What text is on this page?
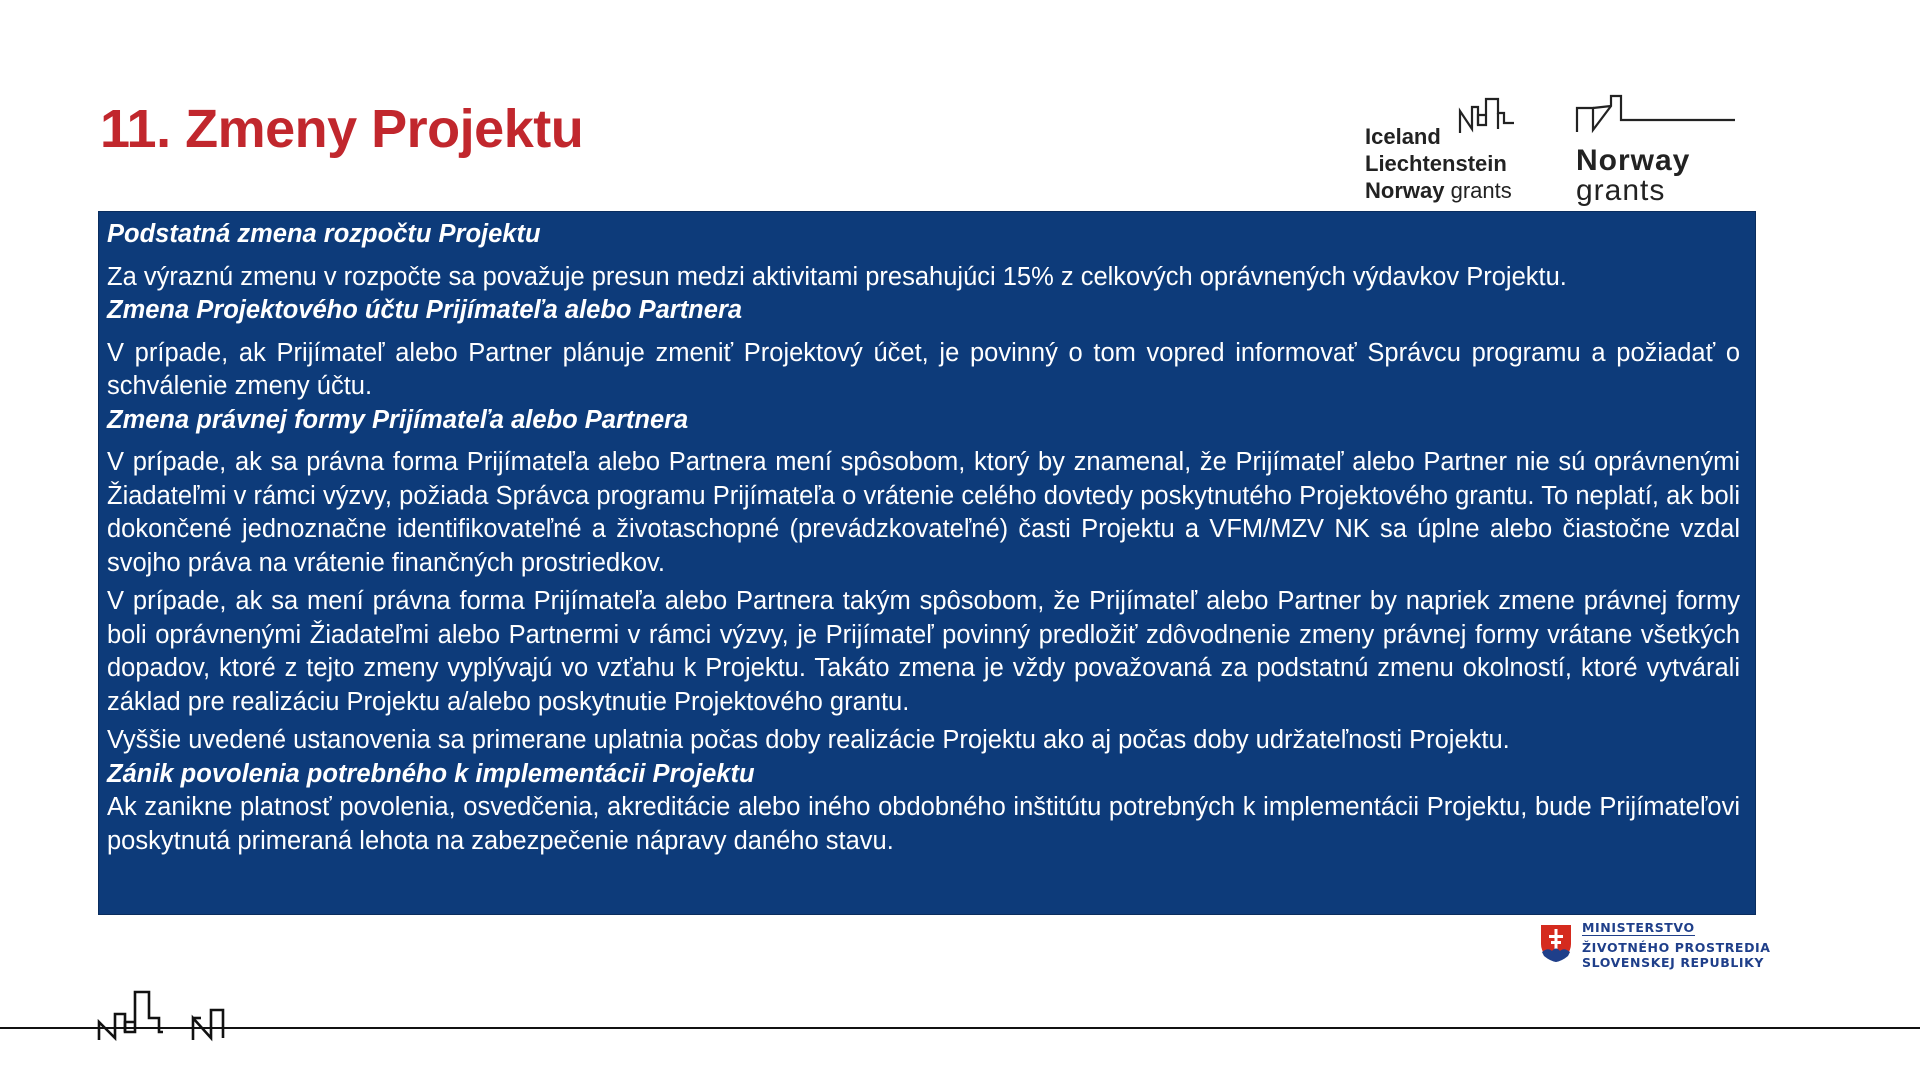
11. Zmeny Projektu	Iceland
Liechtenstein
Norway grants
Norway
grants
Podstatná zmena rozpočtu Projektu

Za výraznú zmenu v rozpočte sa považuje presun medzi aktivitami presahujúci 15% z celkových oprávnených výdavkov Projektu.

Zmena Projektového účtu Prijímateľa alebo Partnera

V prípade, ak Prijímateľ alebo Partner plánuje zmeniť Projektový účet, je povinný o tom vopred informovať Správcu programu a požiadať o schválenie zmeny účtu.

Zmena právnej formy Prijímateľa alebo Partnera

V prípade, ak sa právna forma Prijímateľa alebo Partnera mení spôsobom, ktorý by znamenal, že Prijímateľ alebo Partner nie sú oprávnenými Žiadateľmi v rámci výzvy, požiada Správca programu Prijímateľa o vrátenie celého dovtedy poskytnutého Projektového grantu. To neplatí, ak boli dokončené jednoznačne identifikovateľné a životaschopné (prevádzkovateľné) časti Projektu a VFM/MZV NK sa úplne alebo čiastočne vzdal svojho práva na vrátenie finančných prostriedkov.

V prípade, ak sa mení právna forma Prijímateľa alebo Partnera takým spôsobom, že Prijímateľ alebo Partner by napriek zmene právnej formy boli oprávnenými Žiadateľmi alebo Partnermi v rámci výzvy, je Prijímateľ povinný predložiť zdôvodnenie zmeny právnej formy vrátane všetkých dopadov, ktoré z tejto zmeny vyplývajú vo vzťahu k Projektu. Takáto zmena je vždy považovaná za podstatnú zmenu okolností, ktoré vytvárali základ pre realizáciu Projektu a/alebo poskytnutie Projektového grantu.

Vyššie uvedené ustanovenia sa primerane uplatnia počas doby realizácie Projektu ako aj počas doby udržateľnosti Projektu.

Zánik povolenia potrebného k implementácii Projektu

Ak zanikne platnosť povolenia, osvedčenia, akreditácie alebo iného obdobného inštitútu potrebných k implementácii Projektu, bude Prijímateľovi poskytnutá primeraná lehota na zabezpečenie nápravy daného stavu.

MINISTERSTVO
ŽIVOTNÉHO PROSTREDIA
SLOVENSKEJ REPUBLIKY
